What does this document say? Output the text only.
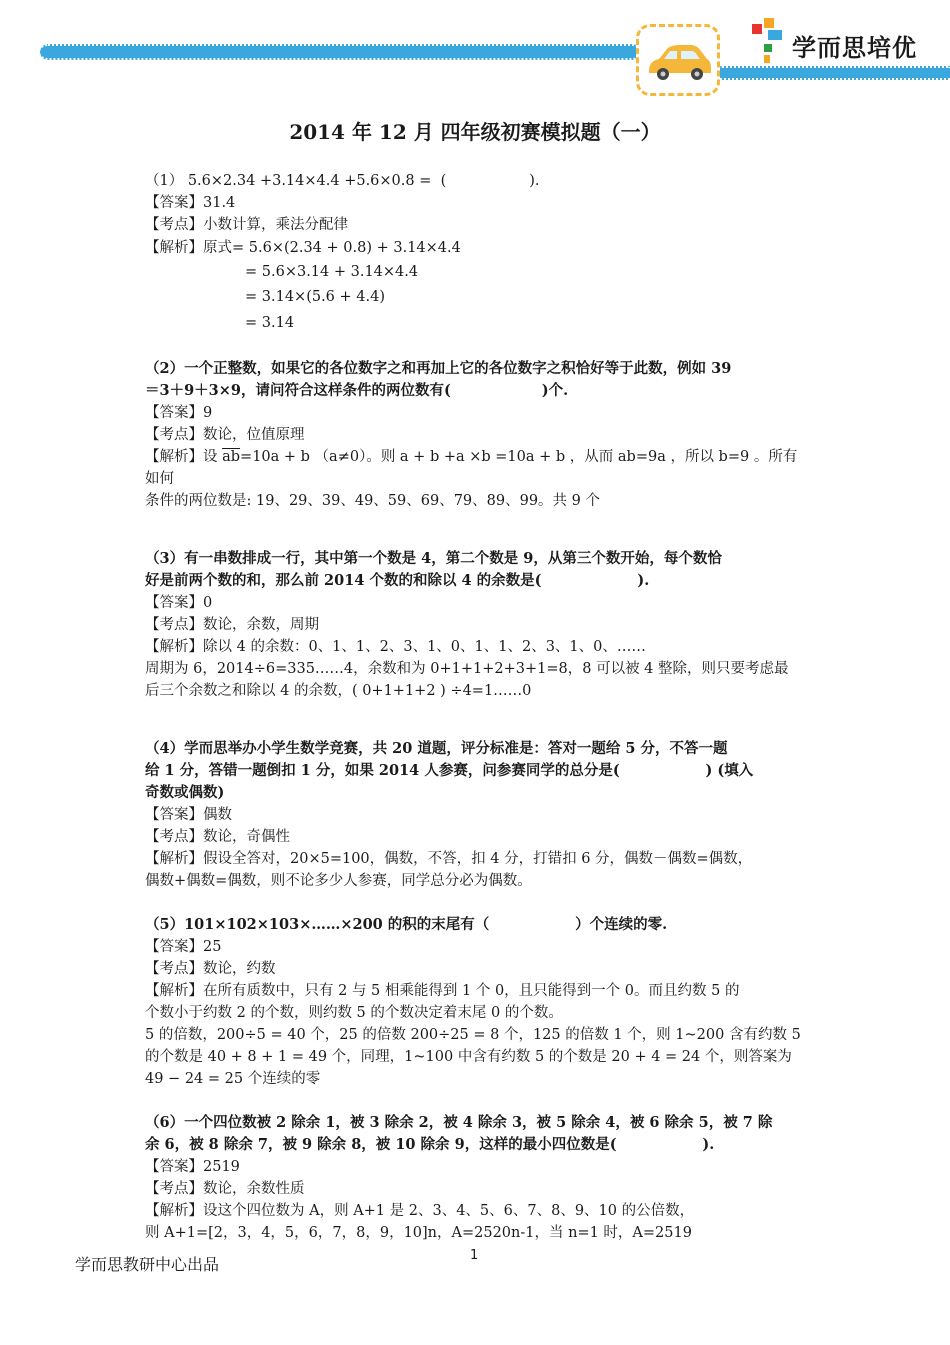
学而思培优
2014 年 12 月 四年级初赛模拟题（一）

（1） 5.6×2.34 +3.14×4.4 +5.6×0.8 =  (                  ).

【答案】31.4

【考点】小数计算，乘法分配律

【解析】原式= 5.6×(2.34 + 0.8) + 3.14×4.4

= 5.6×3.14 + 3.14×4.4

= 3.14×(5.6 + 4.4)

= 3.14

（2）一个正整数，如果它的各位数字之和再加上它的各位数字之积恰好等于此数，例如 39

＝3＋9＋3×9，请问符合这样条件的两位数有(                  )个.

【答案】9

【考点】数论，位值原理

【解析】设 $\overline{ab}=10a + b$ （a≠0）。则 a + b +a ×b =10a + b ，从而 ab=9a ，所以 b=9 。所有如何

条件的两位数是: 19、29、39、49、59、69、79、89、99。共 9 个

（3）有一串数排成一行，其中第一个数是 4，第二个数是 9，从第三个数开始，每个数恰

好是前两个数的和，那么前 2014 个数的和除以 4 的余数是(                   ).

【答案】0

【考点】数论，余数，周期

【解析】除以 4 的余数：0、1、1、2、3、1、0、1、1、2、3、1、0、……

周期为 6，2014÷6=335……4，余数和为 0+1+1+2+3+1=8，8 可以被 4 整除，则只要考虑最

后三个余数之和除以 4 的余数，( 0+1+1+2 ) ÷4=1……0

（4）学而思举办小学生数学竞赛，共 20 道题，评分标准是：答对一题给 5 分，不答一题

给 1 分，答错一题倒扣 1 分，如果 2014 人参赛，问参赛同学的总分是(                 ) (填入

奇数或偶数)

【答案】偶数

【考点】数论，奇偶性

【解析】假设全答对，20×5=100，偶数，不答，扣 4 分，打错扣 6 分，偶数－偶数=偶数，

偶数+偶数=偶数，则不论多少人参赛，同学总分必为偶数。

（5）101×102×103×……×200 的积的末尾有（                 ）个连续的零.

【答案】25

【考点】数论，约数

【解析】在所有质数中，只有 2 与 5 相乘能得到 1 个 0，且只能得到一个 0。而且约数 5 的

个数小于约数 2 的个数，则约数 5 的个数决定着末尾 0 的个数。

5 的倍数，200÷5 = 40 个，25 的倍数 200÷25 = 8 个，125 的倍数 1 个，则 1~200 含有约数 5

的个数是 40 + 8 + 1 = 49 个，同理，1~100 中含有约数 5 的个数是 20 + 4 = 24 个，则答案为

49 − 24 = 25 个连续的零

（6）一个四位数被 2 除余 1，被 3 除余 2，被 4 除余 3，被 5 除余 4，被 6 除余 5，被 7 除

余 6，被 8 除余 7，被 9 除余 8，被 10 除余 9，这样的最小四位数是(                 ).

【答案】2519

【考点】数论，余数性质

【解析】设这个四位数为 A，则 A+1 是 2、3、4、5、6、7、8、9、10 的公倍数，

则 A+1=[2，3，4，5，6，7，8，9，10]n，A=2520n-1，当 n=1 时，A=2519

1
学而思教研中心出品
